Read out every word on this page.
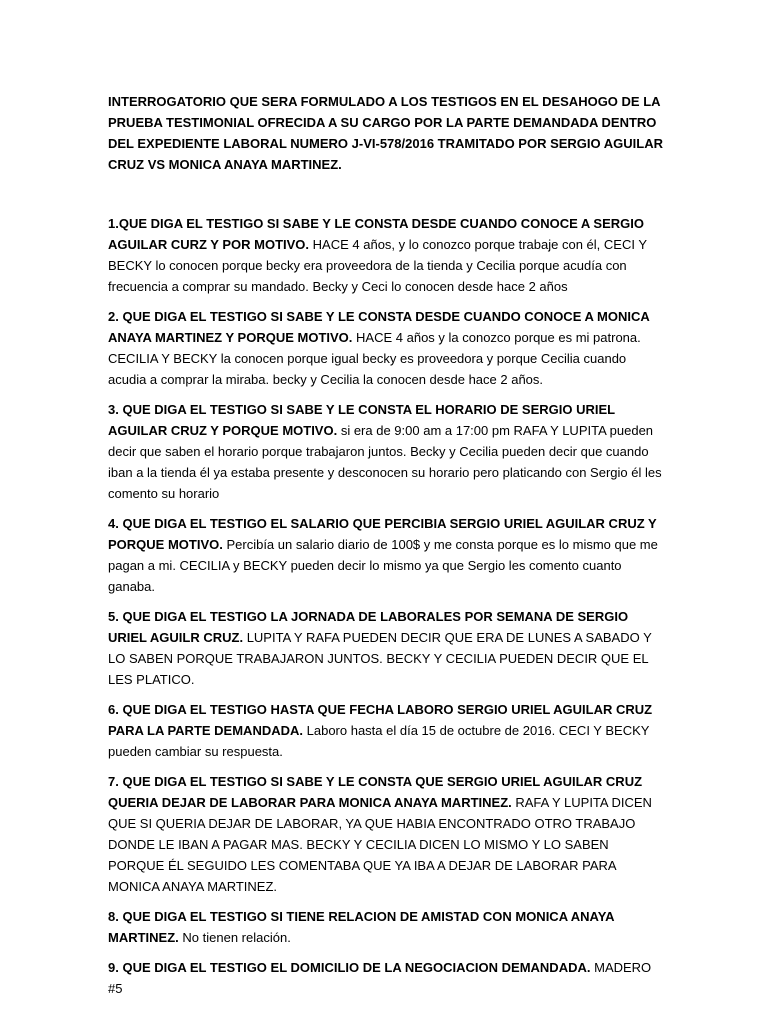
INTERROGATORIO QUE SERA FORMULADO A LOS TESTIGOS EN EL DESAHOGO DE LA PRUEBA TESTIMONIAL OFRECIDA A SU CARGO POR LA PARTE DEMANDADA DENTRO DEL EXPEDIENTE LABORAL NUMERO J-VI-578/2016 TRAMITADO POR SERGIO AGUILAR CRUZ VS MONICA ANAYA MARTINEZ.

1.QUE DIGA EL TESTIGO SI SABE Y LE CONSTA DESDE CUANDO CONOCE A SERGIO AGUILAR CURZ Y POR MOTIVO. HACE 4 años, y lo conozco porque trabaje con él, CECI Y BECKY lo conocen porque becky era proveedora de la tienda y Cecilia porque acudía con frecuencia a comprar su mandado. Becky y Ceci lo conocen desde hace 2 años

2. QUE DIGA EL TESTIGO SI SABE Y LE CONSTA DESDE CUANDO CONOCE A MONICA ANAYA MARTINEZ Y PORQUE MOTIVO. HACE 4 años y la conozco porque es mi patrona. CECILIA Y BECKY la conocen porque igual becky es proveedora y porque Cecilia cuando acudia a comprar la miraba. becky y Cecilia la conocen desde hace 2 años.

3. QUE DIGA EL TESTIGO SI SABE Y LE CONSTA EL HORARIO DE SERGIO URIEL AGUILAR CRUZ Y PORQUE MOTIVO. si era de 9:00 am a 17:00 pm RAFA Y LUPITA pueden decir que saben el horario porque trabajaron juntos. Becky y Cecilia pueden decir que cuando iban a la tienda él ya estaba presente y desconocen su horario pero platicando con Sergio él les comento su horario

4. QUE DIGA EL TESTIGO EL SALARIO QUE PERCIBIA SERGIO URIEL AGUILAR CRUZ Y PORQUE MOTIVO. Percibía un salario diario de 100$ y me consta porque es lo mismo que me pagan a mi. CECILIA y BECKY pueden decir lo mismo ya que Sergio les comento cuanto ganaba.

5. QUE DIGA EL TESTIGO LA JORNADA DE LABORALES POR SEMANA DE SERGIO URIEL AGUILR CRUZ. LUPITA Y RAFA PUEDEN DECIR QUE ERA DE LUNES A SABADO Y LO SABEN PORQUE TRABAJARON JUNTOS. BECKY Y CECILIA PUEDEN DECIR QUE EL LES PLATICO.

6. QUE DIGA EL TESTIGO HASTA QUE FECHA LABORO SERGIO URIEL AGUILAR CRUZ PARA LA PARTE DEMANDADA. Laboro hasta el día 15 de octubre de 2016. CECI Y BECKY pueden cambiar su respuesta.

7. QUE DIGA EL TESTIGO SI SABE Y LE CONSTA QUE SERGIO URIEL AGUILAR CRUZ QUERIA DEJAR DE LABORAR PARA MONICA ANAYA MARTINEZ. RAFA Y LUPITA DICEN QUE SI QUERIA DEJAR DE LABORAR, YA QUE HABIA ENCONTRADO OTRO TRABAJO DONDE LE IBAN A PAGAR MAS. BECKY Y CECILIA DICEN LO MISMO Y LO SABEN PORQUE ÉL SEGUIDO LES COMENTABA QUE YA IBA A DEJAR DE LABORAR PARA MONICA ANAYA MARTINEZ.

8. QUE DIGA EL TESTIGO SI TIENE RELACION DE AMISTAD CON MONICA ANAYA MARTINEZ. No tienen relación.

9. QUE DIGA EL TESTIGO EL DOMICILIO DE LA NEGOCIACION DEMANDADA. MADERO #5
